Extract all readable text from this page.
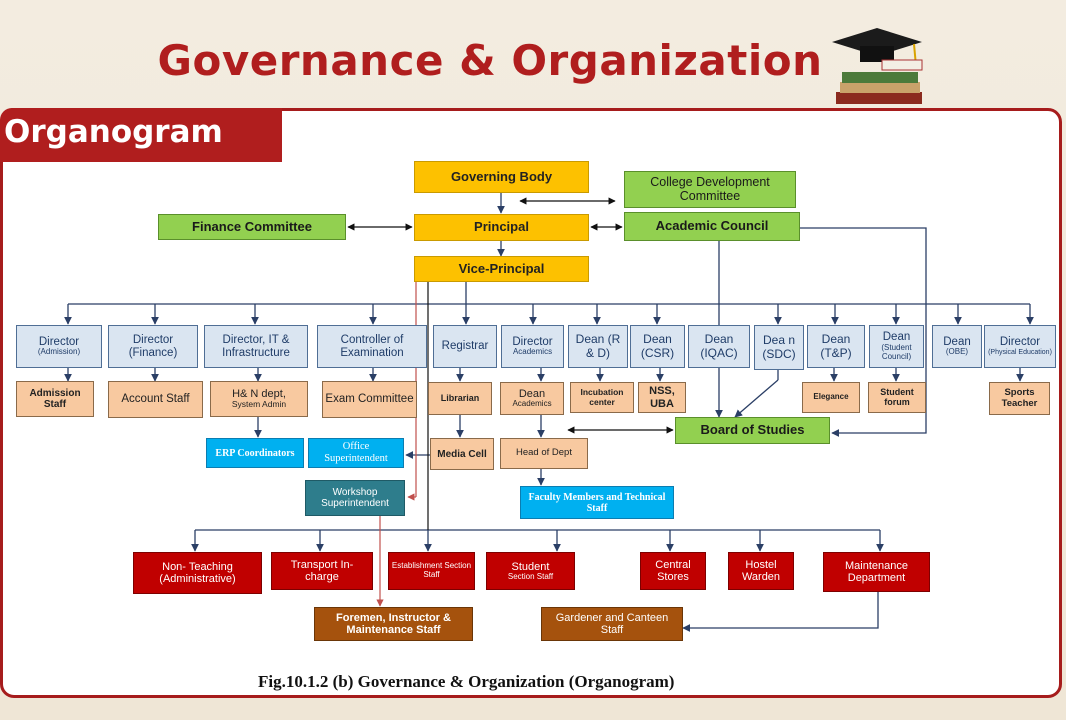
Governance & Organization
Organogram
Governing Body	College Development Committee
Finance Committee	Principal	Academic Council
Vice-Principal
Director
(Admission)
Director (Finance)
Director, IT & Infrastructure
Controller of Examination
Registrar	Director
Academics
Dean (R & D)
Dean (CSR)
Dean (IQAC)
Dea n (SDC)
Dean (T&P)
Dean
(Student Council)
Dean
(OBE)
Director
(Physical Education)
Admission Staff	Account Staff	H& N dept,
System Admin	Exam Committee	Librarian	Dean
Academics
Incubation center
NSS, UBA
Elegance	Student forum
Sports Teacher
ERP Coordinators
Office Superintendent	Media Cell	Head of Dept
Board of Studies
Workshop Superintendent
Faculty Members and Technical Staff
Non- Teaching (Administrative)
Transport In-charge
Establishment Section Staff
Student
Section Staff
Central Stores
Hostel Warden
Maintenance Department
Foremen, Instructor & Maintenance Staff
Gardener and Canteen Staff
Fig.10.1.2 (b) Governance & Organization (Organogram)
